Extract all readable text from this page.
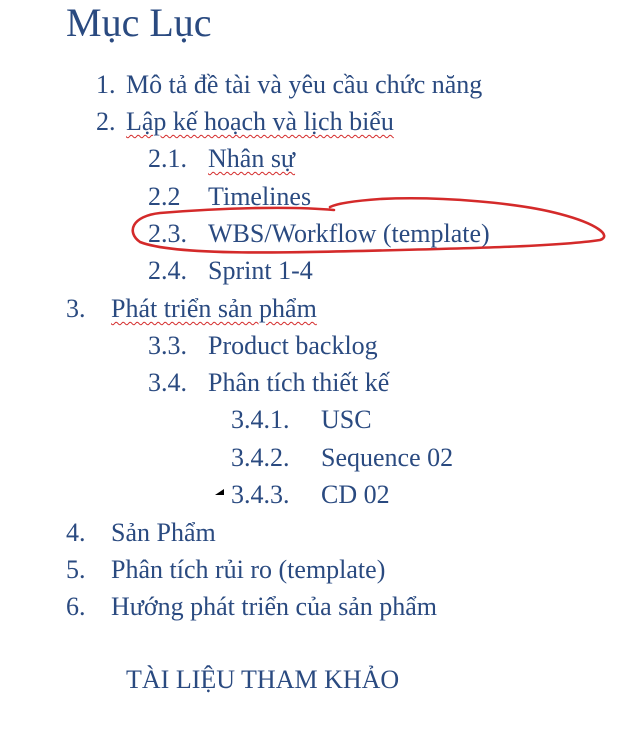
Mục Lục
1. Mô tả đề tài và yêu cầu chức năng
2. Lập kế hoạch và lịch biểu
2.1. Nhân sự
2.2 Timelines
2.3. WBS/Workflow (template)
2.4. Sprint 1-4
3. Phát triển sản phẩm
3.3. Product backlog
3.4. Phân tích thiết kế
3.4.1. USC
3.4.2. Sequence 02
3.4.3. CD 02
4. Sản Phẩm
5. Phân tích rủi ro (template)
6. Hướng phát triển của sản phẩm
TÀI LIỆU THAM KHẢO
